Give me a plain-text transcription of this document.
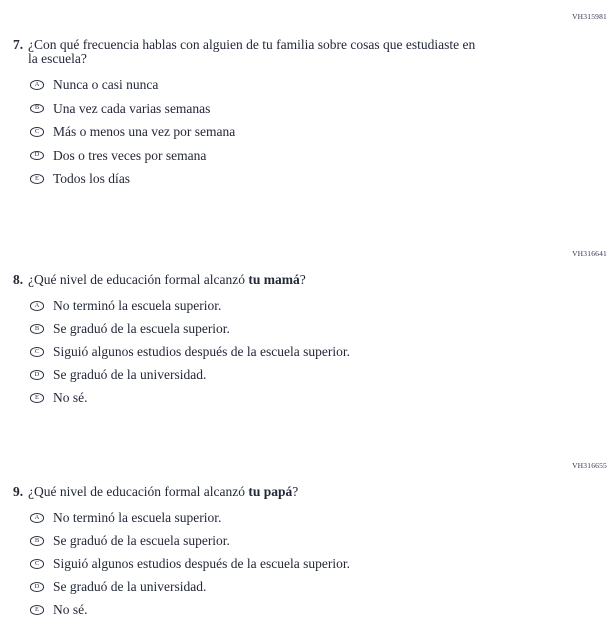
VH315981
7. ¿Con qué frecuencia hablas con alguien de tu familia sobre cosas que estudiaste en
la escuela?
A Nunca o casi nunca
B Una vez cada varias semanas
C Más o menos una vez por semana
D Dos o tres veces por semana
E Todos los días
VH316641
8. ¿Qué nivel de educación formal alcanzó tu mamá?
A No terminó la escuela superior.
B Se graduó de la escuela superior.
C Siguió algunos estudios después de la escuela superior.
D Se graduó de la universidad.
E No sé.
VH316655
9. ¿Qué nivel de educación formal alcanzó tu papá?
A No terminó la escuela superior.
B Se graduó de la escuela superior.
C Siguió algunos estudios después de la escuela superior.
D Se graduó de la universidad.
E No sé.
